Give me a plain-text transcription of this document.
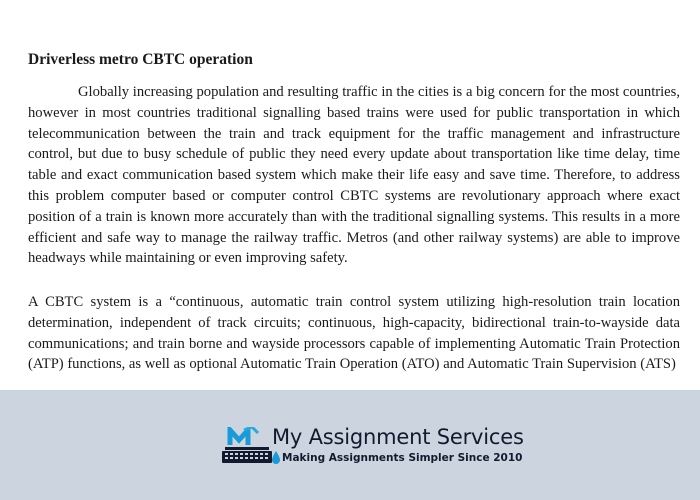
Driverless metro CBTC operation

Globally increasing population and resulting traffic in the cities is a big concern for the most countries, however in most countries traditional signalling based trains were used for public transportation in which telecommunication between the train and track equipment for the traffic management and infrastructure control, but due to busy schedule of public they need every update about transportation like time delay, time table and exact communication based system which make their life easy and save time. Therefore, to address this problem computer based or computer control CBTC systems are revolutionary approach where exact position of a train is known more accurately than with the traditional signalling systems. This results in a more efficient and safe way to manage the railway traffic. Metros (and other railway systems) are able to improve headways while maintaining or even improving safety.

A CBTC system is a “continuous, automatic train control system utilizing high-resolution train location determination, independent of track circuits; continuous, high-capacity, bidirectional train-to-wayside data communications; and train borne and wayside processors capable of implementing Automatic Train Protection (ATP) functions, as well as optional Automatic Train Operation (ATO) and Automatic Train Supervision (ATS)

My Assignment Services
Making Assignments Simpler Since 2010
